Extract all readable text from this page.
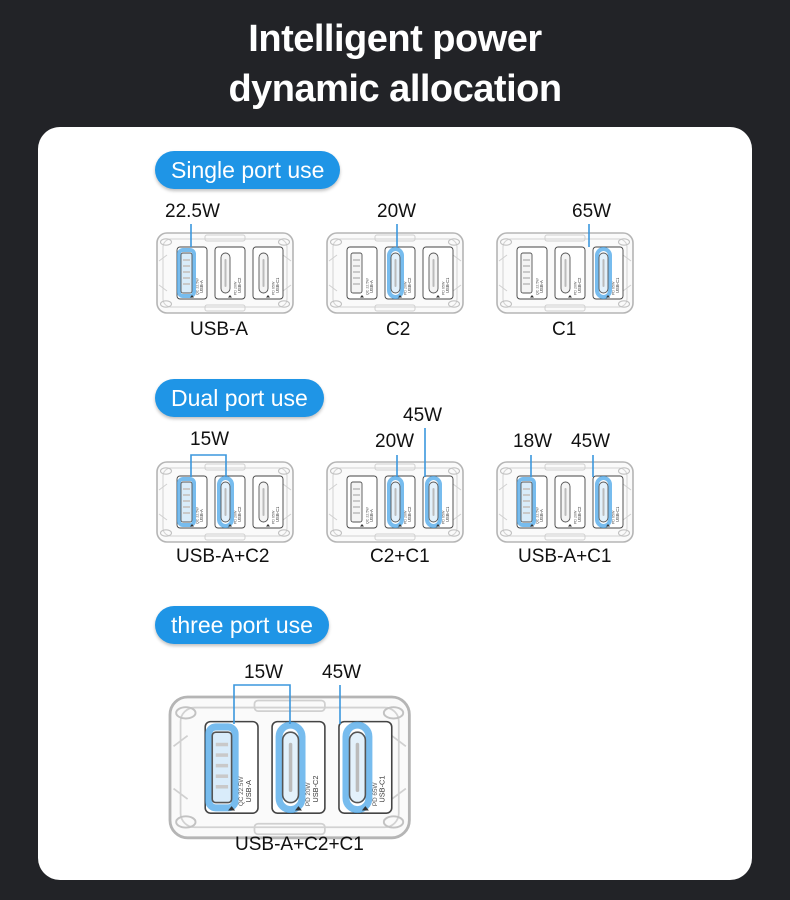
Intelligent power
dynamic allocation
Single port use
Dual port use
three port use
USB-A
QC 22.5W	USB-C2
PD 20W	USB-C1
PD 65W	USB-A
QC 22.5W	USB-C2
PD 20W	USB-C1
PD 65W	USB-A
QC 22.5W	USB-C2
PD 20W	USB-C1
PD 65W
USB-A
QC 22.5W	USB-C2
PD 20W	USB-C1
PD 65W	USB-A
QC 22.5W	USB-C2
PD 20W	USB-C1
PD 65W	USB-A
QC 22.5W	USB-C2
PD 20W	USB-C1
PD 65W
USB-A
QC 22.5W	USB-C2
PD 20W	USB-C1
PD 65W
22.5W	20W	65W
15W	20W
45W
18W 45W
15W 45W
USB-A	C2	C1
USB-A+C2	C2+C1	USB-A+C1
USB-A+C2+C1
